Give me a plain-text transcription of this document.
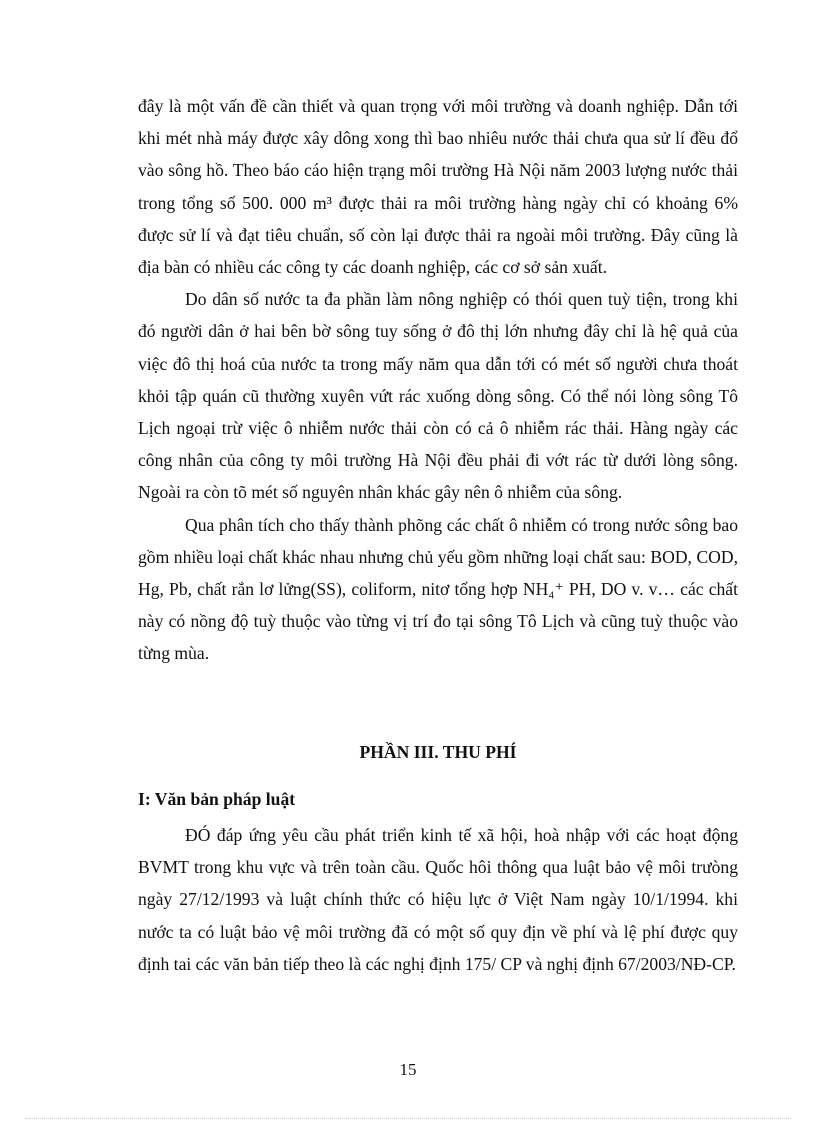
đây là một vấn đề cần thiết và quan trọng với môi trường và doanh nghiệp. Dẫn tới khi mét nhà máy được xây dông xong thì bao nhiêu nước thải chưa qua sử lí đều đổ vào sông hồ. Theo báo cáo hiện trạng môi trường Hà Nội năm 2003 lượng nước thải trong tổng số 500. 000 m³ được thải ra môi trường hàng ngày chỉ có khoảng 6% được sử lí và đạt tiêu chuẩn, số còn lại được thải ra ngoài môi trường. Đây cũng là địa bàn có nhiều các công ty các doanh nghiệp, các cơ sở sản xuất.

Do dân số nước ta đa phần làm nông nghiệp có thói quen tuỳ tiện, trong khi đó người dân ở hai bên bờ sông tuy sống ở đô thị lớn nhưng đây chỉ là hệ quả của việc đô thị hoá của nước ta trong mấy năm qua dẫn tới có mét số người chưa thoát khỏi tập quán cũ thường xuyên vứt rác xuống dòng sông. Có thể nói lòng sông Tô Lịch ngoại trừ việc ô nhiễm nước thải còn có cả ô nhiễm rác thải. Hàng ngày các công nhân của công ty môi trường Hà Nội đều phải đi vớt rác từ dưới lòng sông. Ngoài ra còn tõ mét số nguyên nhân khác gây nên ô nhiễm của sông.

Qua phân tích cho thấy thành phõng các chất ô nhiễm có trong nước sông bao gồm nhiều loại chất khác nhau nhưng chủ yếu gồm những loại chất sau: BOD, COD, Hg, Pb, chất rắn lơ lửng(SS), coliform, nitơ tổng hợp NH₄⁺ PH, DO v. v… các chất này có nồng độ tuỳ thuộc vào từng vị trí đo tại sông Tô Lịch và cũng tuỳ thuộc vào từng mùa.

PHẦN III. THU PHÍ
I: Văn bản pháp luật

ĐÓ đáp ứng yêu cầu phát triển kinh tế xã hội, hoà nhập với các hoạt động BVMT trong khu vực và trên toàn cầu. Quốc hôi thông qua luật bảo vệ môi trưòng ngày 27/12/1993 và luật chính thức có hiệu lực ở Việt Nam ngày 10/1/1994. khi nước ta có luật bảo vệ môi trường đã có một số quy địn về phí và lệ phí được quy định tai các văn bản tiếp theo là các nghị định 175/ CP và nghị định 67/2003/NĐ-CP.

15
